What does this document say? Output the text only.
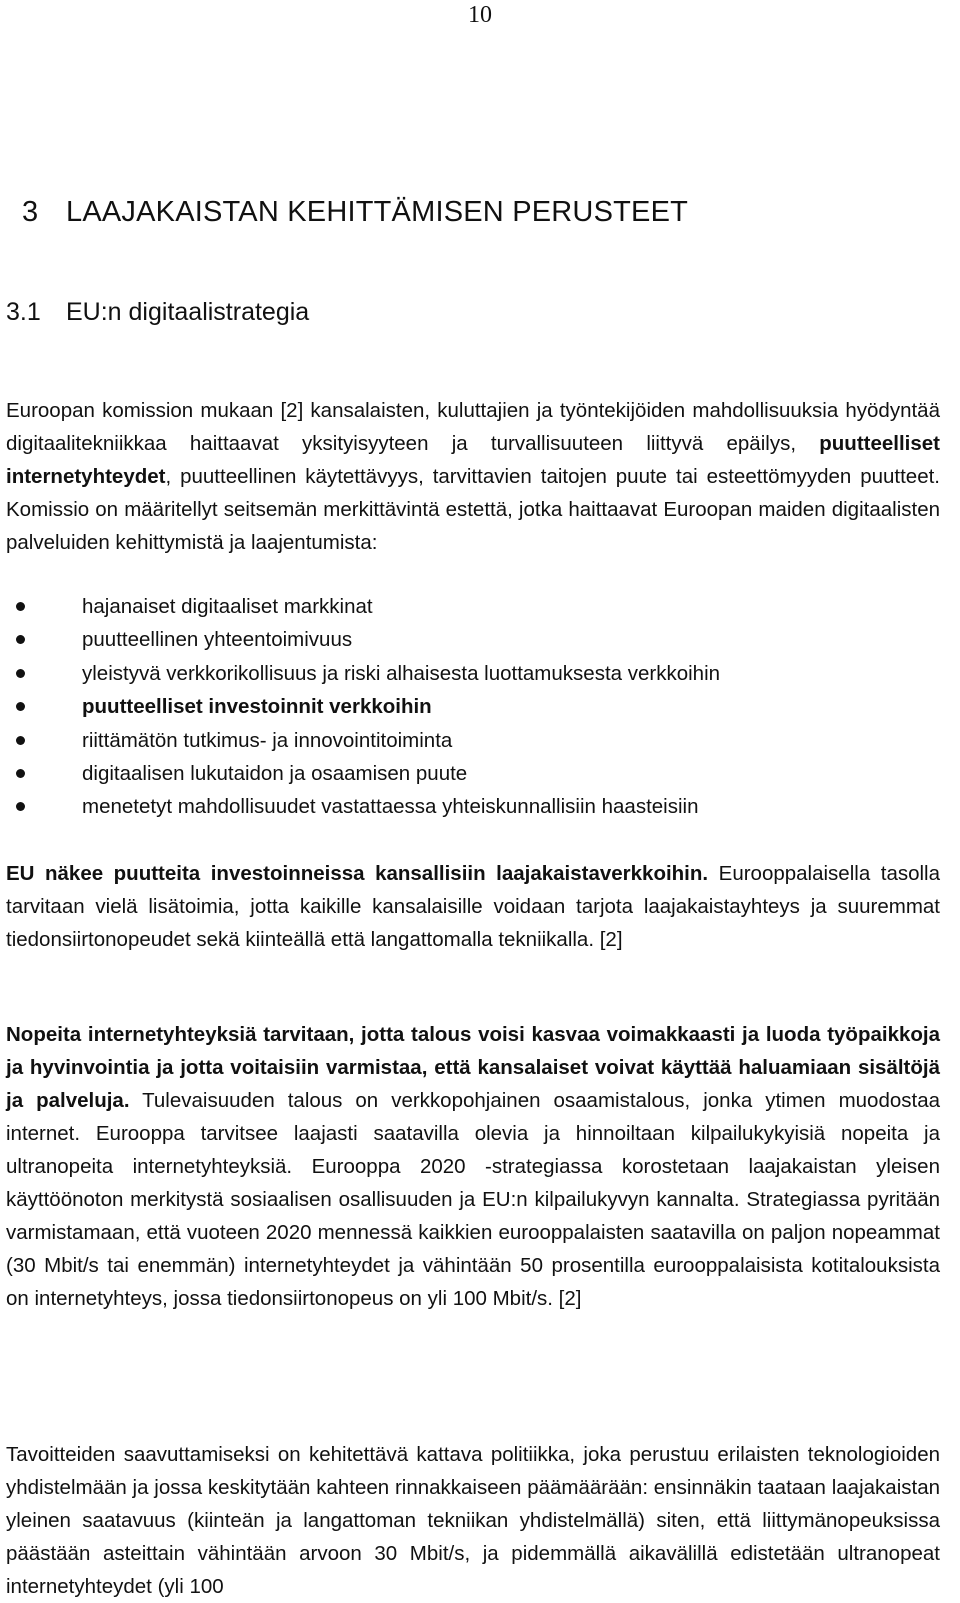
10
3 LAAJAKAISTAN KEHITTÄMISEN PERUSTEET
3.1 EU:n digitaalistrategia
Euroopan komission mukaan [2] kansalaisten, kuluttajien ja työntekijöiden mahdollisuuksia hyödyntää digitaalitekniikkaa haittaavat yksityisyyteen ja turvallisuuteen liittyvä epäilys, puutteelliset internetyhteydet, puutteellinen käytettävyys, tarvittavien taitojen puute tai esteettömyyden puutteet. Komissio on määritellyt seitsemän merkittävintä estettä, jotka haittaavat Euroopan maiden digitaalisten palveluiden kehittymistä ja laajentumista:
hajanaiset digitaaliset markkinat
puutteellinen yhteentoimivuus
yleistyvä verkkorikollisuus ja riski alhaisesta luottamuksesta verkkoihin
puutteelliset investoinnit verkkoihin
riittämätön tutkimus- ja innovointitoiminta
digitaalisen lukutaidon ja osaamisen puute
menetetyt mahdollisuudet vastattaessa yhteiskunnallisiin haasteisiin
EU näkee puutteita investoinneissa kansallisiin laajakaistaverkkoihin. Eurooppalaisella tasolla tarvitaan vielä lisätoimia, jotta kaikille kansalaisille voidaan tarjota laajakaistayhteys ja suuremmat tiedonsiirtonopeudet sekä kiinteällä että langattomalla tekniikalla. [2]
Nopeita internetyhteyksiä tarvitaan, jotta talous voisi kasvaa voimakkaasti ja luoda työpaikkoja ja hyvinvointia ja jotta voitaisiin varmistaa, että kansalaiset voivat käyttää haluamiaan sisältöjä ja palveluja. Tulevaisuuden talous on verkkopohjainen osaamistalous, jonka ytimen muodostaa internet. Eurooppa tarvitsee laajasti saatavilla olevia ja hinnoiltaan kilpailukykyisiä nopeita ja ultranopeita internetyhteyksiä. Eurooppa 2020 -strategiassa korostetaan laajakaistan yleisen käyttöönoton merkitystä sosiaalisen osallisuuden ja EU:n kilpailukyvyn kannalta. Strategiassa pyritään varmistamaan, että vuoteen 2020 mennessä kaikkien eurooppalaisten saatavilla on paljon nopeammat (30 Mbit/s tai enemmän) internetyhteydet ja vähintään 50 prosentilla eurooppalaisista kotitalouksista on internetyhteys, jossa tiedonsiirtonopeus on yli 100 Mbit/s. [2]
Tavoitteiden saavuttamiseksi on kehitettävä kattava politiikka, joka perustuu erilaisten teknologioiden yhdistelmään ja jossa keskitytään kahteen rinnakkaiseen päämäärään: ensinnäkin taataan laajakaistan yleinen saatavuus (kiinteän ja langattoman tekniikan yhdistelmällä) siten, että liittymänopeuksissa päästään asteittain vähintään arvoon 30 Mbit/s, ja pidemmällä aikavälillä edistetään ultranopeat internetyhteydet (yli 100
